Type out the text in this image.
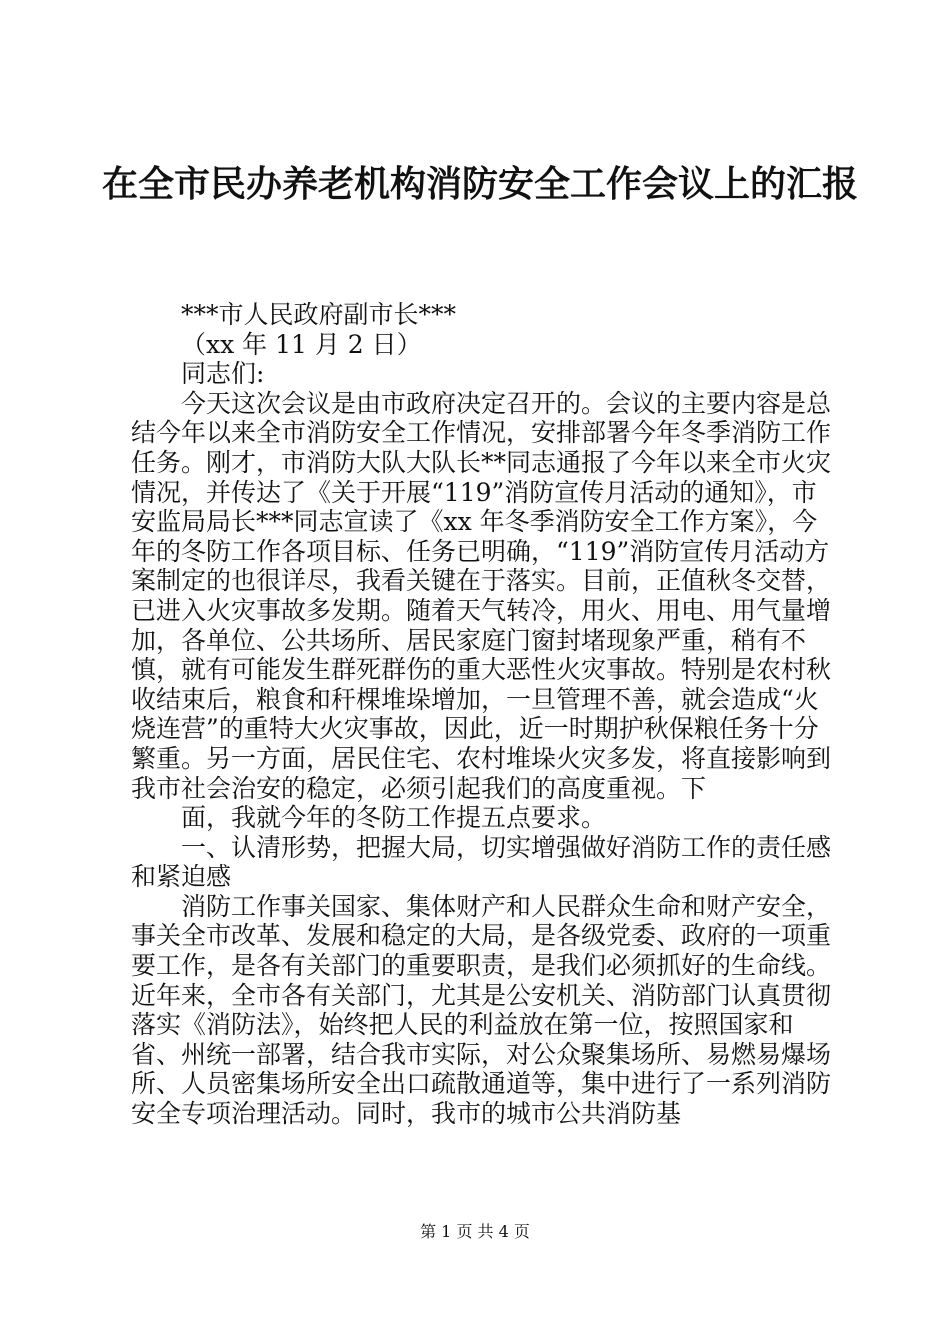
在全市民办养老机构消防安全工作会议上的汇报

***市人民政府副市长***

（xx 年 11 月 2 日）

同志们:

今天这次会议是由市政府决定召开的。会议的主要内容是总结今年以来全市消防安全工作情况，安排部署今年冬季消防工作任务。刚才，市消防大队大队长**同志通报了今年以来全市火灾情况，并传达了《关于开展“119”消防宣传月活动的通知》，市安监局局长***同志宣读了《xx 年冬季消防安全工作方案》，今年的冬防工作各项目标、任务已明确，“119”消防宣传月活动方案制定的也很详尽，我看关键在于落实。目前，正值秋冬交替，已进入火灾事故多发期。随着天气转冷，用火、用电、用气量增加，各单位、公共场所、居民家庭门窗封堵现象严重，稍有不慎，就有可能发生群死群伤的重大恶性火灾事故。特别是农村秋收结束后，粮食和秆棵堆垛增加，一旦管理不善，就会造成“火烧连营”的重特大火灾事故，因此，近一时期护秋保粮任务十分繁重。另一方面，居民住宅、农村堆垛火灾多发，将直接影响到我市社会治安的稳定，必须引起我们的高度重视。下

面，我就今年的冬防工作提五点要求。

一、认清形势，把握大局，切实增强做好消防工作的责任感和紧迫感

消防工作事关国家、集体财产和人民群众生命和财产安全，事关全市改革、发展和稳定的大局，是各级党委、政府的一项重要工作，是各有关部门的重要职责，是我们必须抓好的生命线。近年来，全市各有关部门，尤其是公安机关、消防部门认真贯彻落实《消防法》，始终把人民的利益放在第一位，按照国家和省、州统一部署，结合我市实际，对公众聚集场所、易燃易爆场所、人员密集场所安全出口疏散通道等，集中进行了一系列消防安全专项治理活动。同时，我市的城市公共消防基

第 1 页 共 4 页
